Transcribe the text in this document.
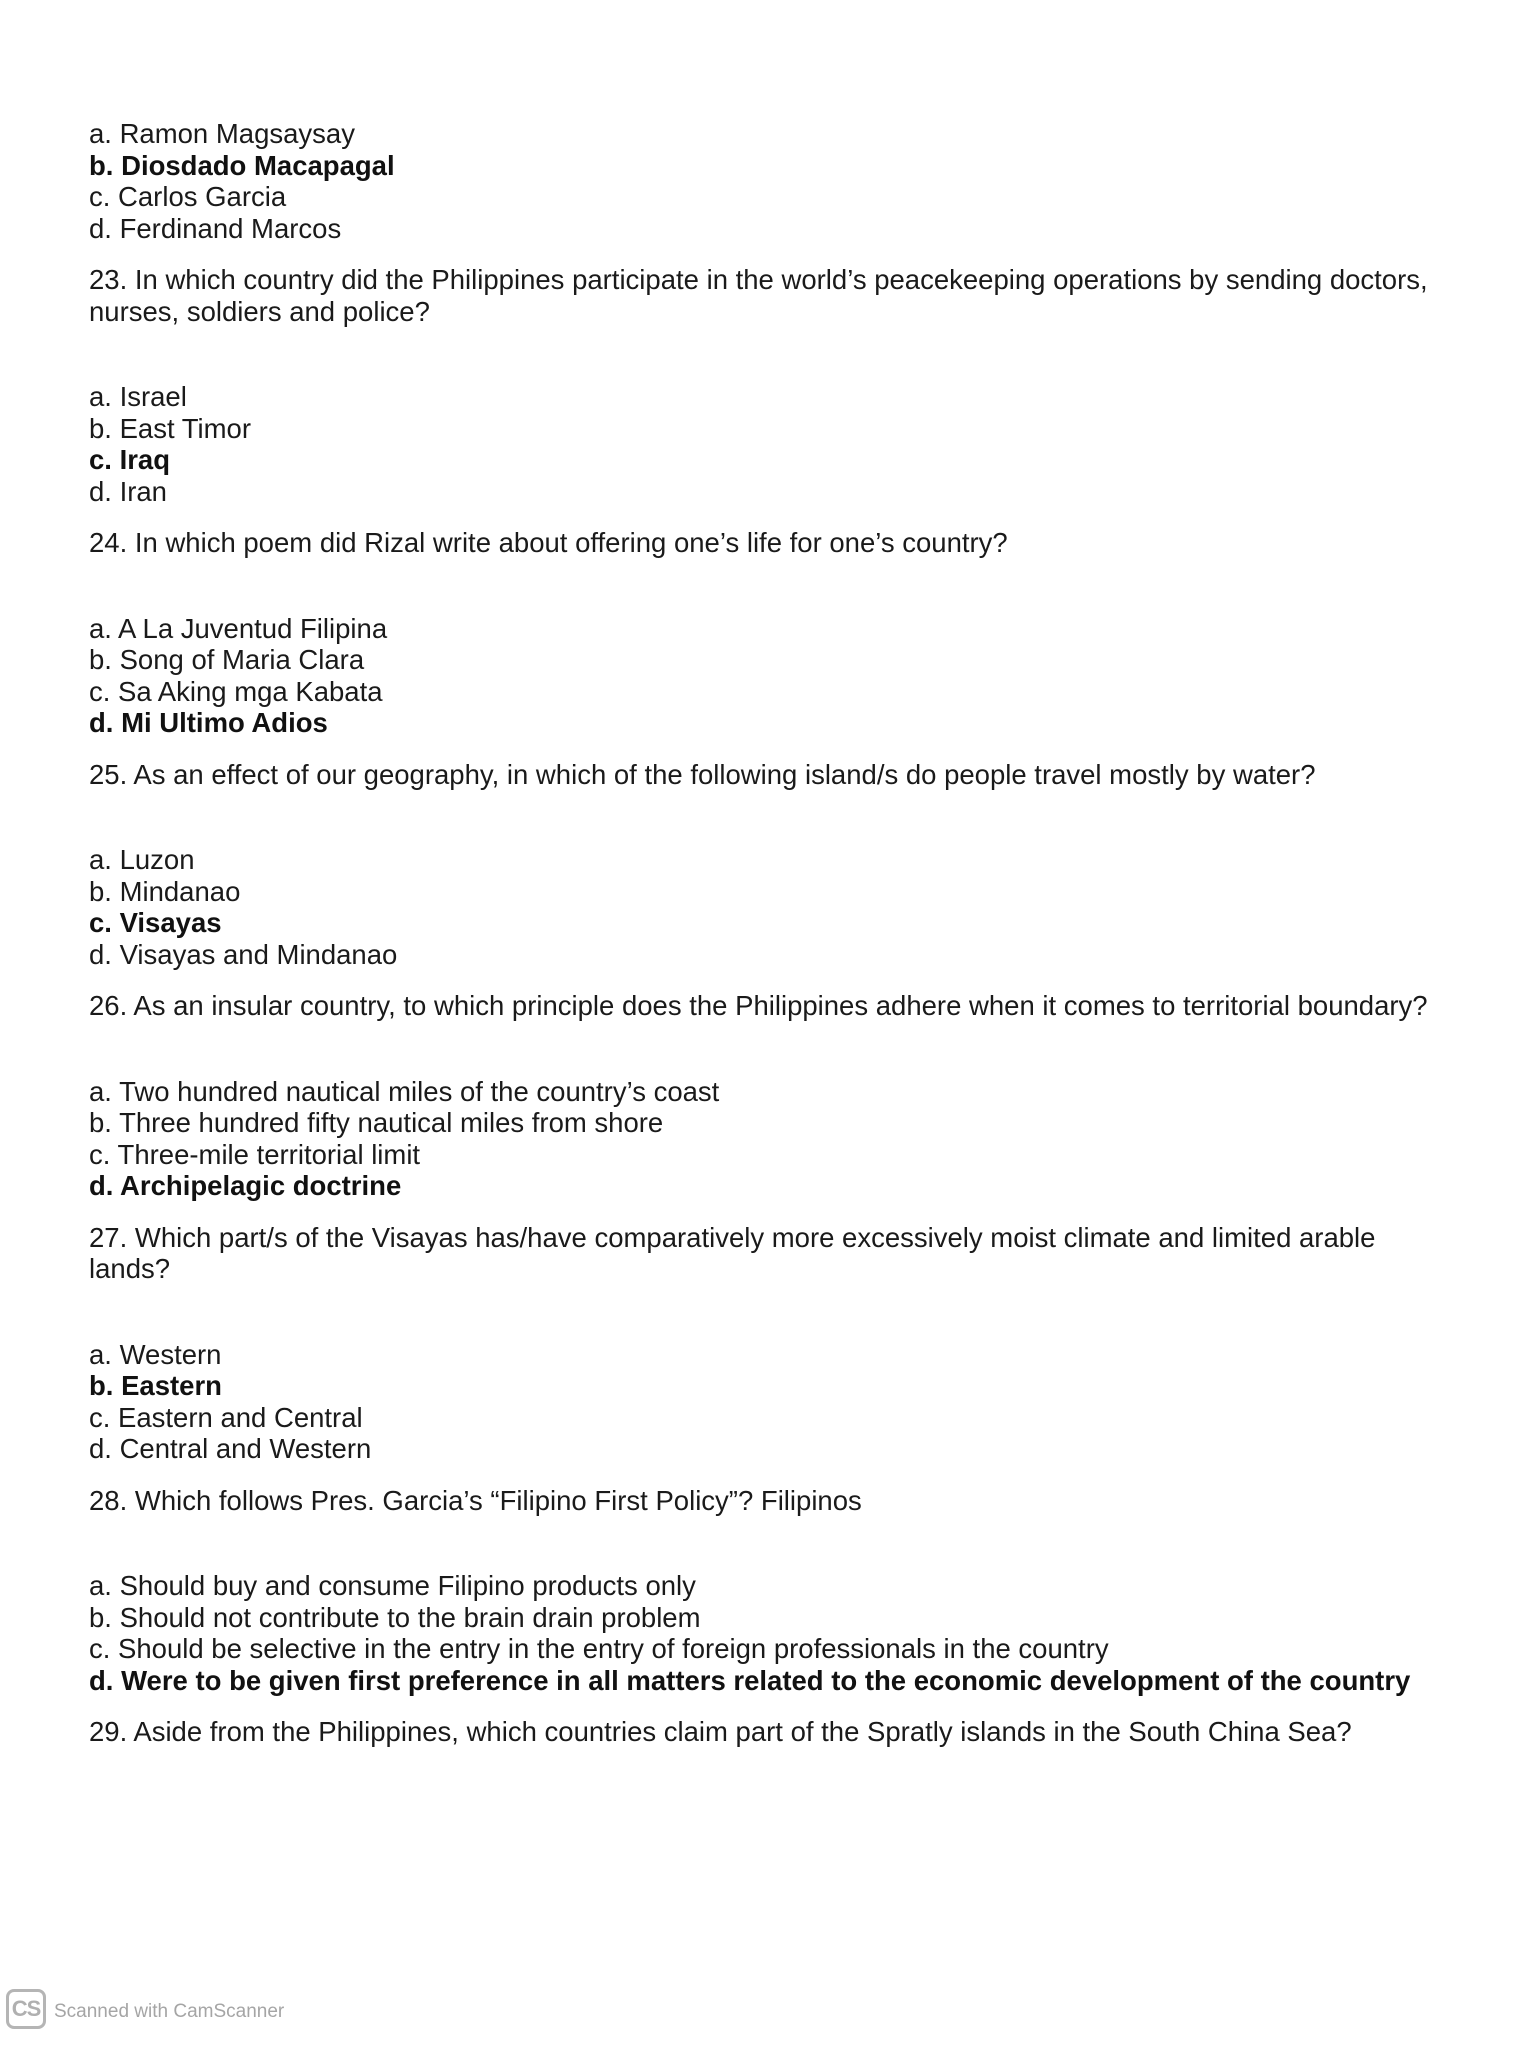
a. Ramon Magsaysay
b. Diosdado Macapagal
c. Carlos Garcia
d. Ferdinand Marcos
23. In which country did the Philippines participate in the world’s peacekeeping operations by sending doctors, nurses, soldiers and police?
a. Israel
b. East Timor
c. Iraq
d. Iran
24. In which poem did Rizal write about offering one’s life for one’s country?
a. A La Juventud Filipina
b. Song of Maria Clara
c. Sa Aking mga Kabata
d. Mi Ultimo Adios
25. As an effect of our geography, in which of the following island/s do people travel mostly by water?
a. Luzon
b. Mindanao
c. Visayas
d. Visayas and Mindanao
26. As an insular country, to which principle does the Philippines adhere when it comes to territorial boundary?
a. Two hundred nautical miles of the country’s coast
b. Three hundred fifty nautical miles from shore
c. Three-mile territorial limit
d. Archipelagic doctrine
27. Which part/s of the Visayas has/have comparatively more excessively moist climate and limited arable lands?
a. Western
b. Eastern
c. Eastern and Central
d. Central and Western
28. Which follows Pres. Garcia’s “Filipino First Policy”? Filipinos
a. Should buy and consume Filipino products only
b. Should not contribute to the brain drain problem
c. Should be selective in the entry in the entry of foreign professionals in the country
d. Were to be given first preference in all matters related to the economic development of the country
29. Aside from the Philippines, which countries claim part of the Spratly islands in the South China Sea?
CS Scanned with CamScanner
